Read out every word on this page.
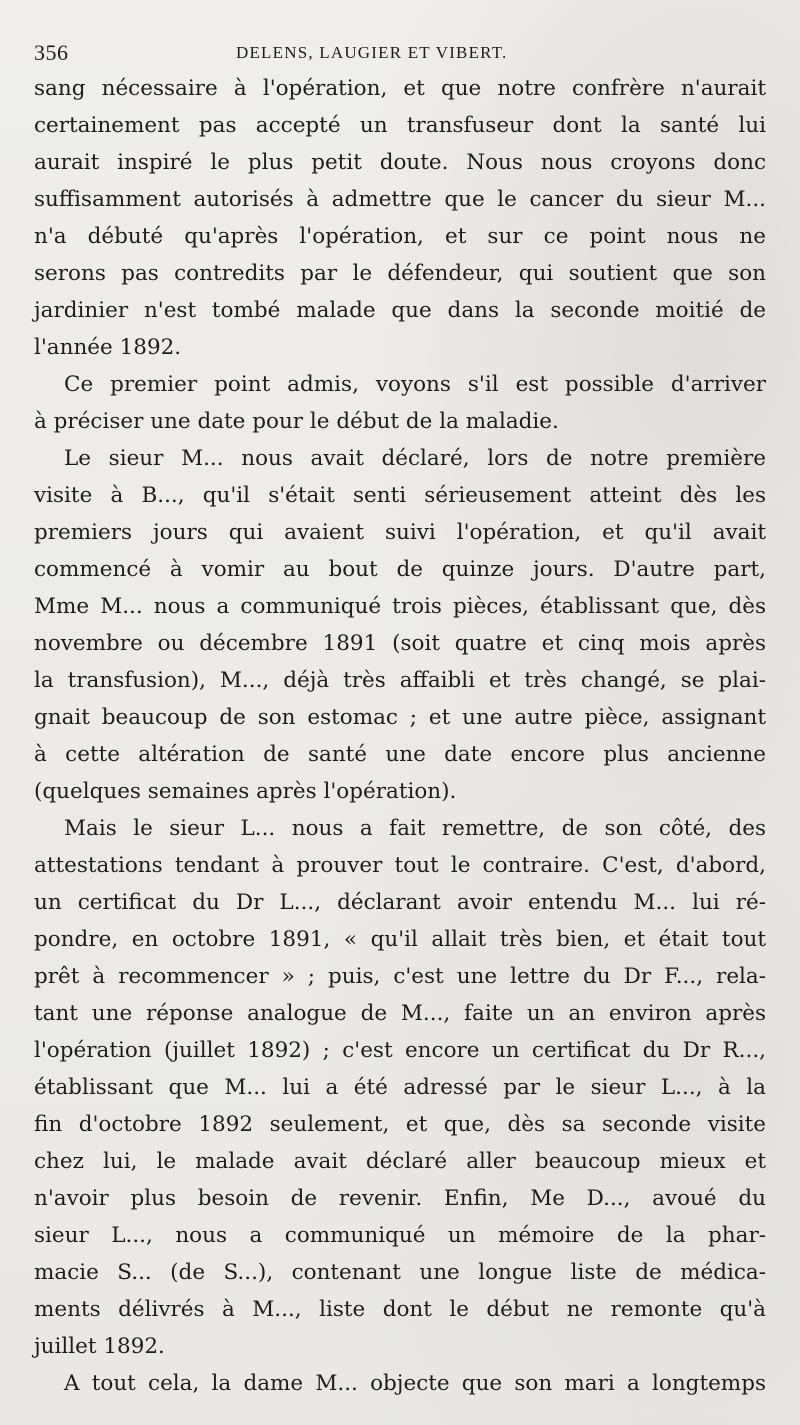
356	DELENS, LAUGIER ET VIBERT.
sang nécessaire à l'opération, et que notre confrère n'aurait
certainement pas accepté un transfuseur dont la santé lui
aurait inspiré le plus petit doute. Nous nous croyons donc
suffisamment autorisés à admettre que le cancer du sieur M...
n'a débuté qu'après l'opération, et sur ce point nous ne
serons pas contredits par le défendeur, qui soutient que son
jardinier n'est tombé malade que dans la seconde moitié de
l'année 1892.
Ce premier point admis, voyons s'il est possible d'arriver
à préciser une date pour le début de la maladie.
Le sieur M... nous avait déclaré, lors de notre première
visite à B..., qu'il s'était senti sérieusement atteint dès les
premiers jours qui avaient suivi l'opération, et qu'il avait
commencé à vomir au bout de quinze jours. D'autre part,
Mme M... nous a communiqué trois pièces, établissant que, dès
novembre ou décembre 1891 (soit quatre et cinq mois après
la transfusion), M..., déjà très affaibli et très changé, se plai-
gnait beaucoup de son estomac ; et une autre pièce, assignant
à cette altération de santé une date encore plus ancienne
(quelques semaines après l'opération).
Mais le sieur L... nous a fait remettre, de son côté, des
attestations tendant à prouver tout le contraire. C'est, d'abord,
un certificat du Dr L..., déclarant avoir entendu M... lui ré-
pondre, en octobre 1891, « qu'il allait très bien, et était tout
prêt à recommencer » ; puis, c'est une lettre du Dr F..., rela-
tant une réponse analogue de M..., faite un an environ après
l'opération (juillet 1892) ; c'est encore un certificat du Dr R...,
établissant que M... lui a été adressé par le sieur L..., à la
fin d'octobre 1892 seulement, et que, dès sa seconde visite
chez lui, le malade avait déclaré aller beaucoup mieux et
n'avoir plus besoin de revenir. Enfin, Me D..., avoué du
sieur L..., nous a communiqué un mémoire de la phar-
macie S... (de S...), contenant une longue liste de médica-
ments délivrés à M..., liste dont le début ne remonte qu'à
juillet 1892.
A tout cela, la dame M... objecte que son mari a longtemps
